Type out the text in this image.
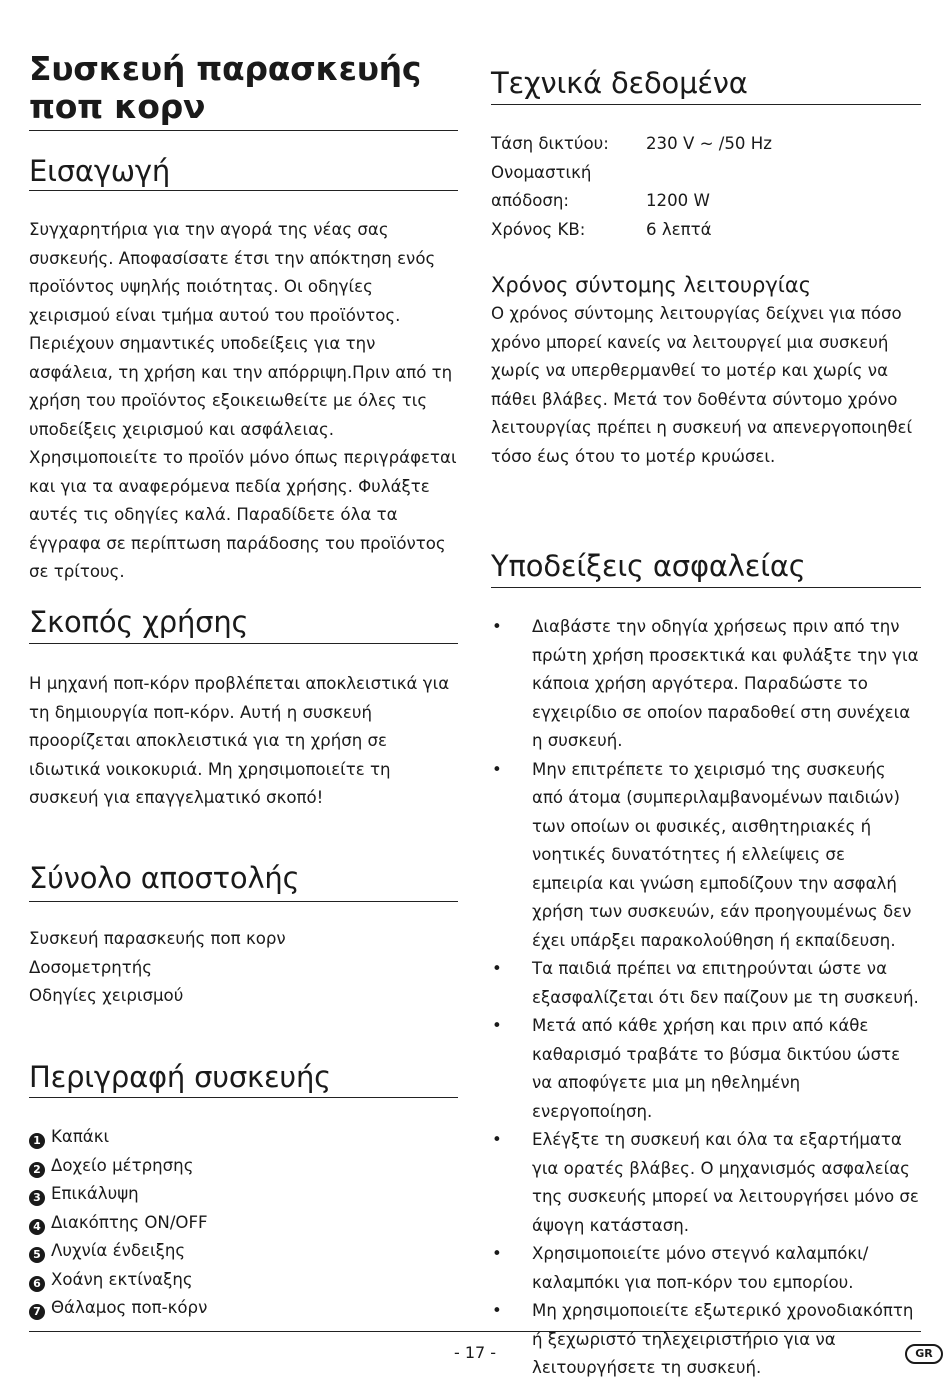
Συσκευή παρασκευής ποπ κορν
Εισαγωγή

Συγχαρητήρια για την αγορά της νέας σας συσκευής. Αποφασίσατε έτσι την απόκτηση ενός προϊόντος υψηλής ποιότητας. Οι οδηγίες χειρισμού είναι τμήμα αυτού του προϊόντος. Περιέχουν σημαντικές υποδείξεις για την ασφάλεια, τη χρήση και την απόρριψη.Πριν από τη χρήση του προϊόντος εξοικειωθείτε με όλες τις υποδείξεις χειρισμού και ασφάλειας. Χρησιμοποιείτε το προϊόν μόνο όπως περιγράφεται και για τα αναφερόμενα πεδία χρήσης. Φυλάξτε αυτές τις οδηγίες καλά. Παραδίδετε όλα τα έγγραφα σε περίπτωση παράδοσης του προϊόντος σε τρίτους.

Σκοπός χρήσης

Η μηχανή ποπ-κόρν προβλέπεται αποκλειστικά για τη δημιουργία ποπ-κόρν. Αυτή η συσκευή προορίζεται αποκλειστικά για τη χρήση σε ιδιωτικά νοικοκυριά. Μη χρησιμοποιείτε τη συσκευή για επαγγελματικό σκοπό!

Σύνολο αποστολής
Συσκευή παρασκευής ποπ κορν
Δοσομετρητής
Οδηγίες χειρισμού
Περιγραφή συσκευής
1 Καπάκι
2 Δοχείο μέτρησης
3 Επικάλυψη
4 Διακόπτης ON/OFF
5 Λυχνία ένδειξης
6 Χοάνη εκτίναξης
7 Θάλαμος ποπ-κόρν
Τεχνικά δεδομένα
Τάση δικτύου:	230 V ~ /50 Hz
Ονομαστική
απόδοση:	1200 W
Χρόνος ΚΒ:	6 λεπτά
Χρόνος σύντομης λειτουργίας

Ο χρόνος σύντομης λειτουργίας δείχνει για πόσο χρόνο μπορεί κανείς να λειτουργεί μια συσκευή χωρίς να υπερθερμανθεί το μοτέρ και χωρίς να πάθει βλάβες. Μετά τον δοθέντα σύντομο χρόνο λειτουργίας πρέπει η συσκευή να απενεργοποιηθεί τόσο έως ότου το μοτέρ κρυώσει.

Υποδείξεις ασφαλείας
• Διαβάστε την οδηγία χρήσεως πριν από την πρώτη χρήση προσεκτικά και φυλάξτε την για κάποια χρήση αργότερα. Παραδώστε το εγχειρίδιο σε οποίον παραδοθεί στη συνέχεια η συσκευή.
• Μην επιτρέπετε το χειρισμό της συσκευής από άτομα (συμπεριλαμβανομένων παιδιών) των οποίων οι φυσικές, αισθητηριακές ή νοητικές δυνατότητες ή ελλείψεις σε εμπειρία και γνώση εμποδίζουν την ασφαλή χρήση των συσκευών, εάν προηγουμένως δεν έχει υπάρξει παρακολούθηση ή εκπαίδευση.
• Τα παιδιά πρέπει να επιτηρούνται ώστε να εξασφαλίζεται ότι δεν παίζουν με τη συσκευή.
• Μετά από κάθε χρήση και πριν από κάθε καθαρισμό τραβάτε το βύσμα δικτύου ώστε να αποφύγετε μια μη ηθελημένη ενεργοποίηση.
• Ελέγξτε τη συσκευή και όλα τα εξαρτήματα για ορατές βλάβες. Ο μηχανισμός ασφαλείας της συσκευής μπορεί να λειτουργήσει μόνο σε άψογη κατάσταση.
• Χρησιμοποιείτε μόνο στεγνό καλαμπόκι/ καλαμπόκι για ποπ-κόρν του εμπορίου.
• Μη χρησιμοποιείτε εξωτερικό χρονοδιακόπτη ή ξεχωριστό τηλεχειριστήριο για να λειτουργήσετε τη συσκευή.
- 17 -	GR
